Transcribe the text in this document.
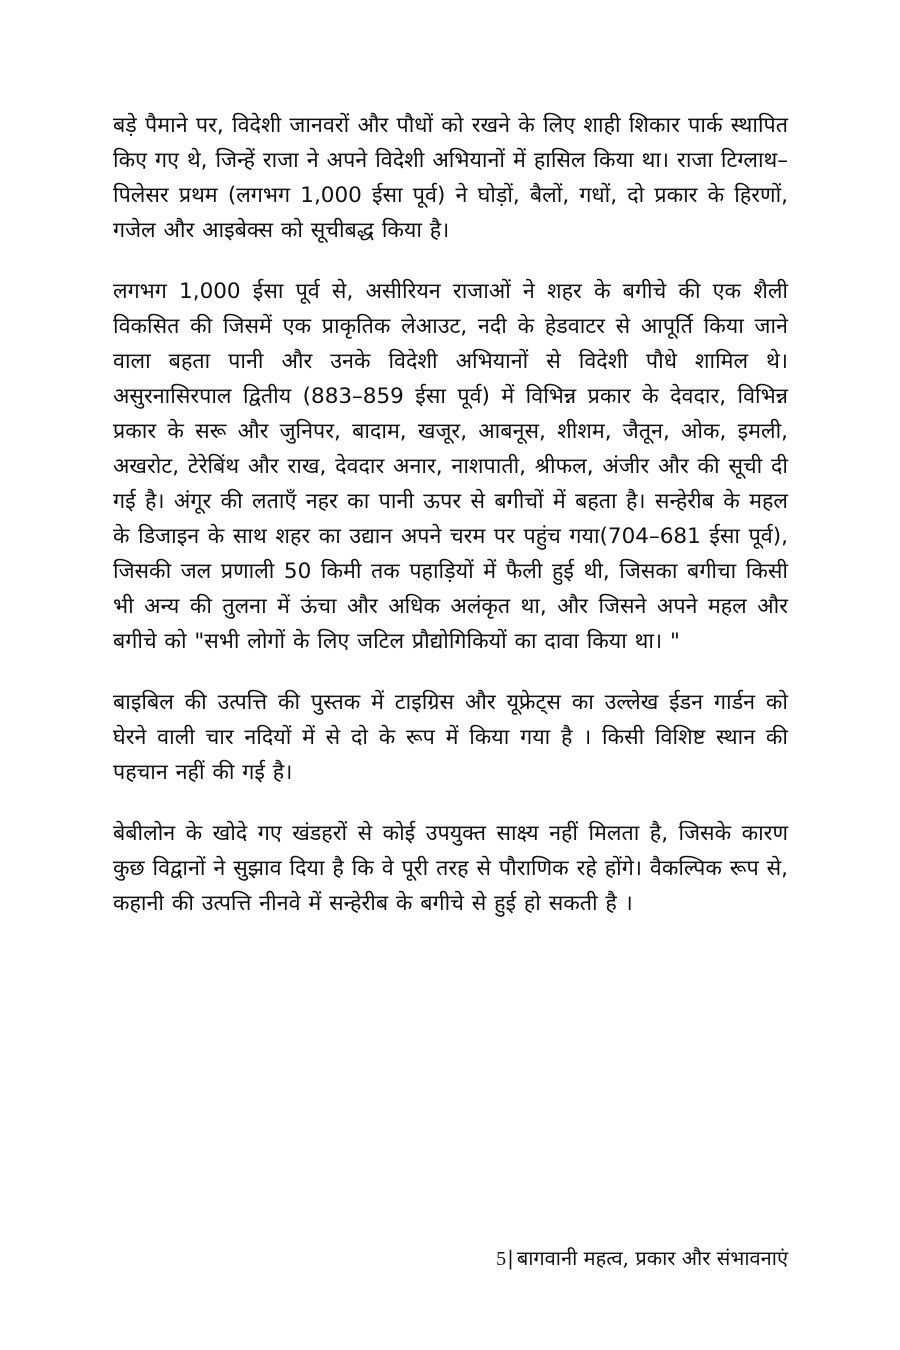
बड़े पैमाने पर, विदेशी जानवरों और पौधों को रखने के लिए शाही शिकार पार्क स्थापित किए गए थे, जिन्हें राजा ने अपने विदेशी अभियानों में हासिल किया था। राजा टिग्लाथ–पिलेसर प्रथम (लगभग 1,000 ईसा पूर्व) ने घोड़ों, बैलों, गधों, दो प्रकार के हिरणों, गजेल और आइबेक्स को सूचीबद्ध किया है।

लगभग 1,000 ईसा पूर्व से, असीरियन राजाओं ने शहर के बगीचे की एक शैली विकसित की जिसमें एक प्राकृतिक लेआउट, नदी के हेडवाटर से आपूर्ति किया जाने वाला बहता पानी और उनके विदेशी अभियानों से विदेशी पौधे शामिल थे। असुरनासिरपाल द्वितीय (883–859 ईसा पूर्व) में विभिन्न प्रकार के देवदार, विभिन्न प्रकार के सरू और जुनिपर, बादाम, खजूर, आबनूस, शीशम, जैतून, ओक, इमली, अखरोट, टेरेबिंथ और राख, देवदार अनार, नाशपाती, श्रीफल, अंजीर और की सूची दी गई है। अंगूर की लताएँ नहर का पानी ऊपर से बगीचों में बहता है। सन्हेरीब के महल के डिजाइन के साथ शहर का उद्यान अपने चरम पर पहुंच गया(704–681 ईसा पूर्व), जिसकी जल प्रणाली 50 किमी तक पहाड़ियों में फैली हुई थी, जिसका बगीचा किसी भी अन्य की तुलना में ऊंचा और अधिक अलंकृत था, और जिसने अपने महल और बगीचे को "सभी लोगों के लिए जटिल प्रौद्योगिकियों का दावा किया था। "

बाइबिल की उत्पत्ति की पुस्तक में टाइग्रिस और यूफ्रेट्स का उल्लेख ईडन गार्डन को घेरने वाली चार नदियों में से दो के रूप में किया गया है । किसी विशिष्ट स्थान की पहचान नहीं की गई है।

बेबीलोन के खोदे गए खंडहरों से कोई उपयुक्त साक्ष्य नहीं मिलता है, जिसके कारण कुछ विद्वानों ने सुझाव दिया है कि वे पूरी तरह से पौराणिक रहे होंगे। वैकल्पिक रूप से, कहानी की उत्पत्ति नीनवे में सन्हेरीब के बगीचे से हुई हो सकती है ।

5| बागवानी महत्व, प्रकार और संभावनाएं
